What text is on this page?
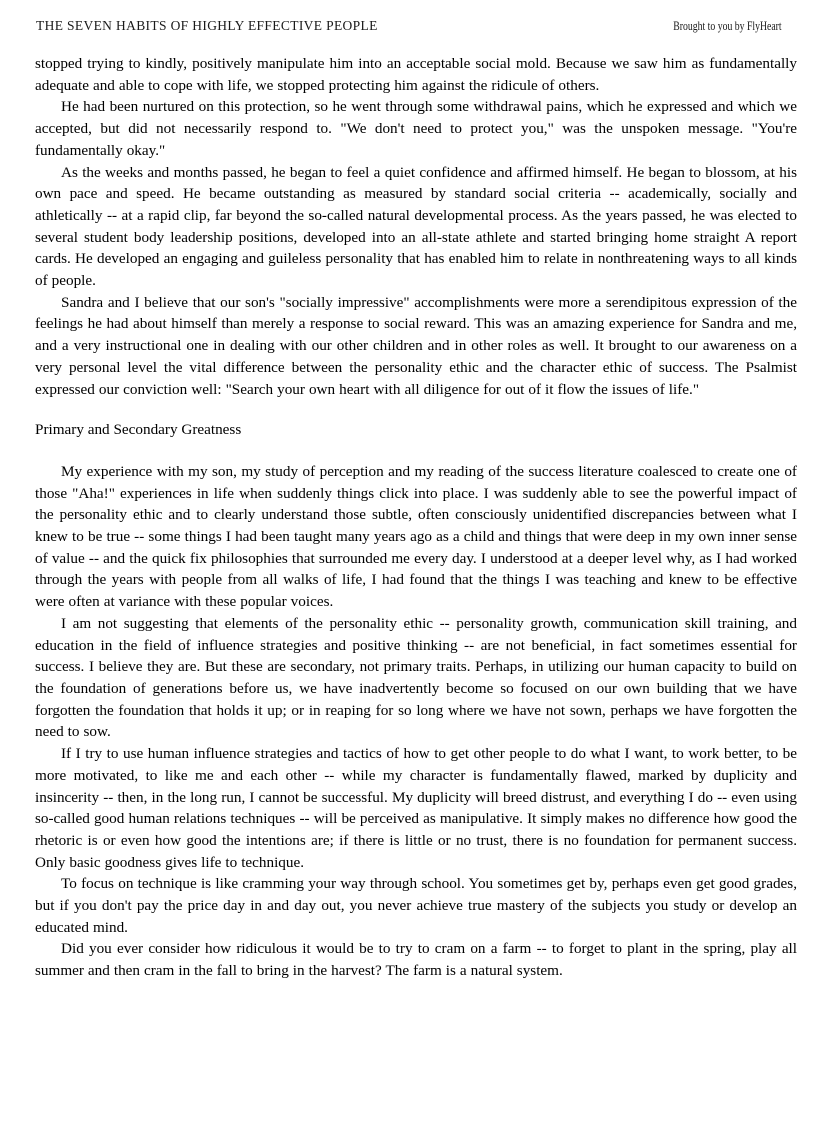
THE SEVEN HABITS OF HIGHLY EFFECTIVE PEOPLE	Brought to you by FlyHeart

stopped trying to kindly, positively manipulate him into an acceptable social mold. Because we saw him as fundamentally adequate and able to cope with life, we stopped protecting him against the ridicule of others.

He had been nurtured on this protection, so he went through some withdrawal pains, which he expressed and which we accepted, but did not necessarily respond to. "We don't need to protect you," was the unspoken message. "You're fundamentally okay."

As the weeks and months passed, he began to feel a quiet confidence and affirmed himself. He began to blossom, at his own pace and speed. He became outstanding as measured by standard social criteria -- academically, socially and athletically -- at a rapid clip, far beyond the so-called natural developmental process. As the years passed, he was elected to several student body leadership positions, developed into an all-state athlete and started bringing home straight A report cards. He developed an engaging and guileless personality that has enabled him to relate in nonthreatening ways to all kinds of people.

Sandra and I believe that our son's "socially impressive" accomplishments were more a serendipitous expression of the feelings he had about himself than merely a response to social reward. This was an amazing experience for Sandra and me, and a very instructional one in dealing with our other children and in other roles as well. It brought to our awareness on a very personal level the vital difference between the personality ethic and the character ethic of success. The Psalmist expressed our conviction well: "Search your own heart with all diligence for out of it flow the issues of life."

Primary and Secondary Greatness

My experience with my son, my study of perception and my reading of the success literature coalesced to create one of those "Aha!" experiences in life when suddenly things click into place. I was suddenly able to see the powerful impact of the personality ethic and to clearly understand those subtle, often consciously unidentified discrepancies between what I knew to be true -- some things I had been taught many years ago as a child and things that were deep in my own inner sense of value -- and the quick fix philosophies that surrounded me every day. I understood at a deeper level why, as I had worked through the years with people from all walks of life, I had found that the things I was teaching and knew to be effective were often at variance with these popular voices.

I am not suggesting that elements of the personality ethic -- personality growth, communication skill training, and education in the field of influence strategies and positive thinking -- are not beneficial, in fact sometimes essential for success. I believe they are. But these are secondary, not primary traits. Perhaps, in utilizing our human capacity to build on the foundation of generations before us, we have inadvertently become so focused on our own building that we have forgotten the foundation that holds it up; or in reaping for so long where we have not sown, perhaps we have forgotten the need to sow.

If I try to use human influence strategies and tactics of how to get other people to do what I want, to work better, to be more motivated, to like me and each other -- while my character is fundamentally flawed, marked by duplicity and insincerity -- then, in the long run, I cannot be successful. My duplicity will breed distrust, and everything I do -- even using so-called good human relations techniques -- will be perceived as manipulative. It simply makes no difference how good the rhetoric is or even how good the intentions are; if there is little or no trust, there is no foundation for permanent success. Only basic goodness gives life to technique.

To focus on technique is like cramming your way through school. You sometimes get by, perhaps even get good grades, but if you don't pay the price day in and day out, you never achieve true mastery of the subjects you study or develop an educated mind.

Did you ever consider how ridiculous it would be to try to cram on a farm -- to forget to plant in the spring, play all summer and then cram in the fall to bring in the harvest? The farm is a natural system.
